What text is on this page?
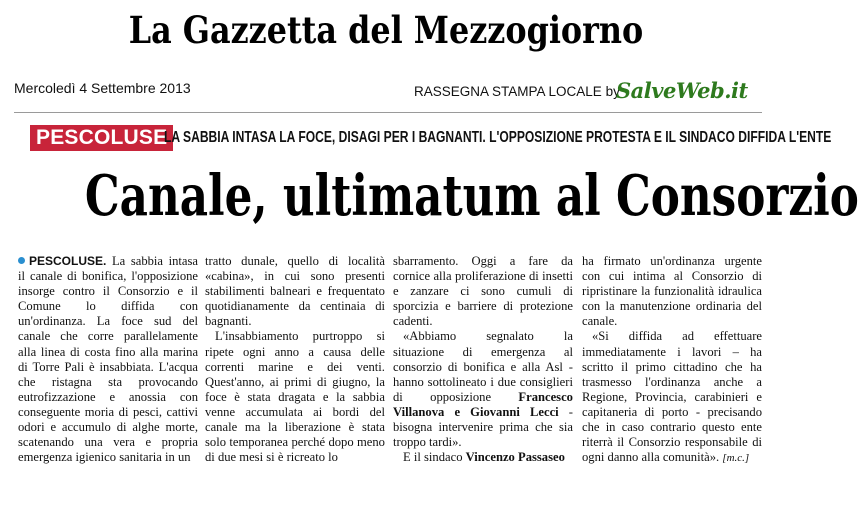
La Gazzetta del Mezzogiorno
Mercoledì 4 Settembre 2013	RASSEGNA STAMPA LOCALE by
SalveWeb.it
PESCOLUSE
LA SABBIA INTASA LA FOCE, DISAGI PER I BAGNANTI. L'OPPOSIZIONE PROTESTA E IL SINDACO DIFFIDA L'ENTE
Canale, ultimatum al Consorzio

PESCOLUSE. La sabbia intasa il canale di bonifica, l'opposizione insorge contro il Consorzio e il Comune lo diffida con un'ordinanza. La foce sud del canale che corre parallelamente alla linea di costa fino alla marina di Torre Pali è insabbiata. L'acqua che ristagna sta provocando eutrofizzazione e anossia con conseguente moria di pesci, cattivi odori e accumulo di alghe morte, scatenando una vera e propria emergenza igienico sanitaria in un

tratto dunale, quello di località «cabina», in cui sono presenti stabilimenti balneari e frequentato quotidianamente da centinaia di bagnanti.

L'insabbiamento purtroppo si ripete ogni anno a causa delle correnti marine e dei venti. Quest'anno, ai primi di giugno, la foce è stata dragata e la sabbia venne accumulata ai bordi del canale ma la liberazione è stata solo temporanea perché dopo meno di due mesi si è ricreato lo

sbarramento. Oggi a fare da cornice alla proliferazione di insetti e zanzare ci sono cumuli di sporcizia e barriere di protezione cadenti.

«Abbiamo segnalato la situazione di emergenza al consorzio di bonifica e alla Asl - hanno sottolineato i due consiglieri di opposizione Francesco Villanova e Giovanni Lecci - bisogna intervenire prima che sia troppo tardi».

E il sindaco Vincenzo Passaseo

ha firmato un'ordinanza urgente con cui intima al Consorzio di ripristinare la funzionalità idraulica con la manutenzione ordinaria del canale.

«Si diffida ad effettuare immediatamente i lavori – ha scritto il primo cittadino che ha trasmesso l'ordinanza anche a Regione, Provincia, carabinieri e capitaneria di porto - precisando che in caso contrario questo ente riterrà il Consorzio responsabile di ogni danno alla comunità». [m.c.]
